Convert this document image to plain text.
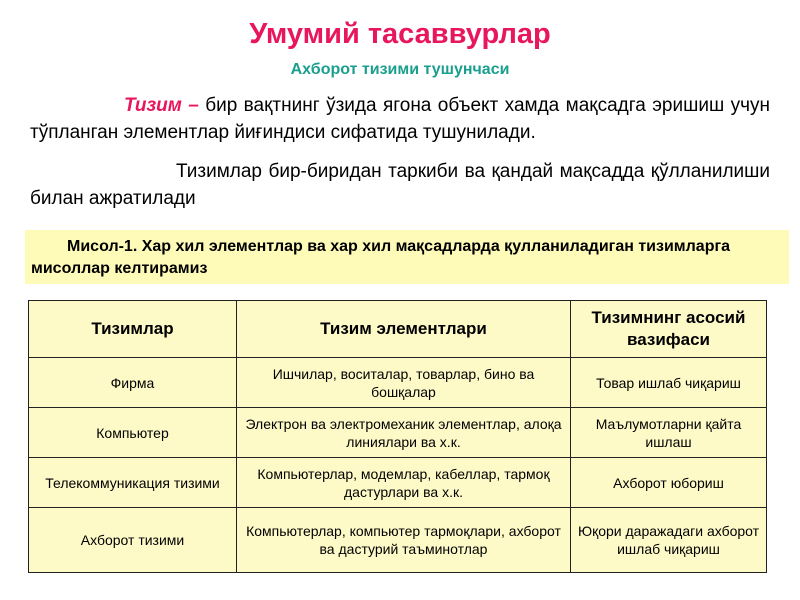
Умумий тасаввурлар
Ахборот тизими тушунчаси
Тизим – бир вақтнинг ўзида ягона объект хамда мақсадга эришиш учун тўпланган элементлар йиғиндиси сифатида тушунилади.
Тизимлар бир-биридан таркиби ва қандай мақсадда қўлланилиши билан ажратилади
Мисол-1. Хар хил элементлар ва хар хил мақсадларда қулланиладиган тизимларга мисоллар келтирамиз
Тизимлар	Тизим элементлари	Тизимнинг асосий вазифаси
Фирма	Ишчилар, воситалар, товарлар, бино ва бошқалар	Товар ишлаб чиқариш
Компьютер	Электрон ва электромеханик элементлар, алоқа линиялари ва х.к.	Маълумотларни қайта ишлаш
Телекоммуникация тизими	Компьютерлар, модемлар, кабеллар, тармоқ дастурлари ва х.к.	Ахборот юбориш
Ахборот тизими	Компьютерлар, компьютер тармоқлари, ахборот ва дастурий таъминотлар	Юқори даражадаги ахборот ишлаб чиқариш
